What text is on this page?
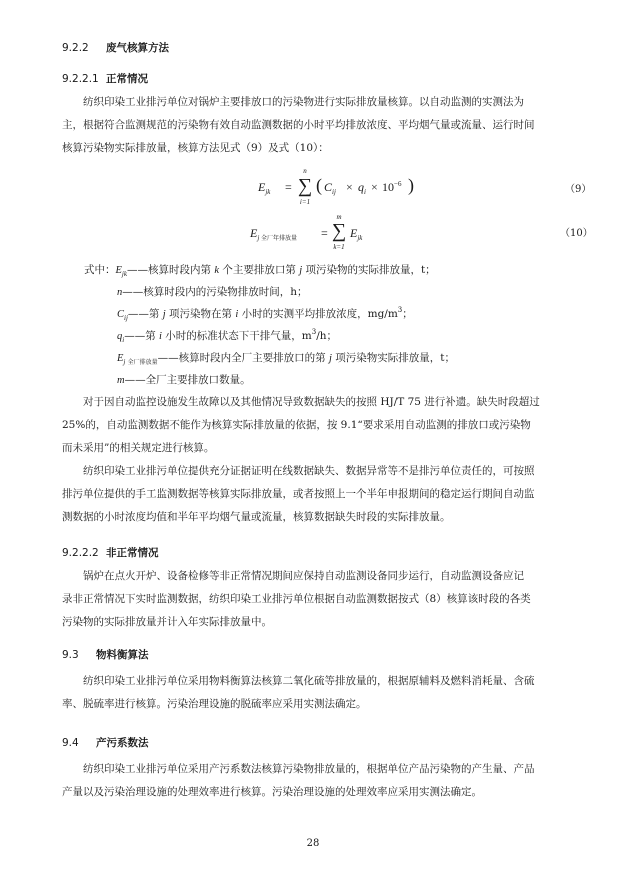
9.2.2 废气核算方法
9.2.2.1 正常情况
纺织印染工业排污单位对锅炉主要排放口的污染物进行实际排放量核算。以自动监测的实测法为
主，根据符合监测规范的污染物有效自动监测数据的小时平均排放浓度、平均烟气量或流量、运行时间
核算污染物实际排放量，核算方法见式（9）及式（10）：
$E_{jk}$ =
n
∑
i=1
( $C_{ij} \times q_i \times 10^{-6}$ )	（9）
$E_{j 全厂年排放量}$ =
m
∑
k=1
$E_{jk}$	（10）
式中：$E_{jk}——$核算时段内第 k 个主要排放口第 j 项污染物的实际排放量，t；
n——核算时段内的污染物排放时间，h；
$C_{ij}——$第 j 项污染物在第 i 小时的实测平均排放浓度，$mg/m^3$；
$q_i——$第 i 小时的标准状态下干排气量，$m^3/h$；
$E_{j 全厂排放量}——$核算时段内全厂主要排放口的第 j 项污染物实际排放量，t；
m——全厂主要排放口数量。
对于因自动监控设施发生故障以及其他情况导致数据缺失的按照 HJ/T 75 进行补遗。缺失时段超过
25%的，自动监测数据不能作为核算实际排放量的依据，按 9.1“要求采用自动监测的排放口或污染物
而未采用”的相关规定进行核算。
纺织印染工业排污单位提供充分证据证明在线数据缺失、数据异常等不是排污单位责任的，可按照
排污单位提供的手工监测数据等核算实际排放量，或者按照上一个半年申报期间的稳定运行期间自动监
测数据的小时浓度均值和半年平均烟气量或流量，核算数据缺失时段的实际排放量。
9.2.2.2 非正常情况
锅炉在点火开炉、设备检修等非正常情况期间应保持自动监测设备同步运行，自动监测设备应记
录非正常情况下实时监测数据，纺织印染工业排污单位根据自动监测数据按式（8）核算该时段的各类
污染物的实际排放量并计入年实际排放量中。
9.3 物料衡算法
纺织印染工业排污单位采用物料衡算法核算二氧化硫等排放量的，根据原辅料及燃料消耗量、含硫
率、脱硫率进行核算。污染治理设施的脱硫率应采用实测法确定。
9.4 产污系数法
纺织印染工业排污单位采用产污系数法核算污染物排放量的，根据单位产品污染物的产生量、产品
产量以及污染治理设施的处理效率进行核算。污染治理设施的处理效率应采用实测法确定。
28
